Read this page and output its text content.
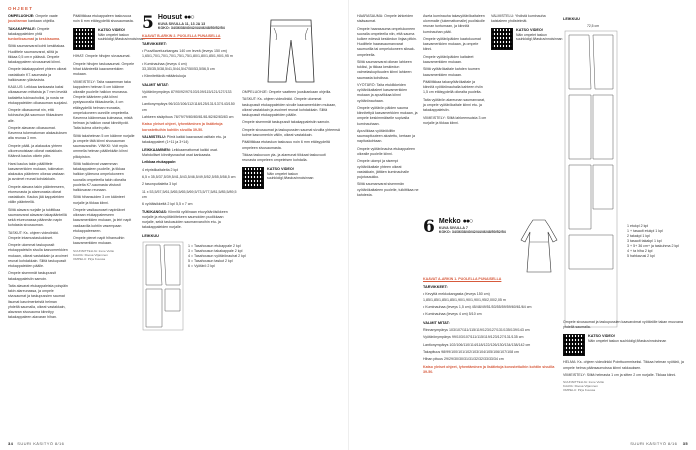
OHJEET

OMPELUOHJE: Ompele vaate jousitarvan kankaan ohjeilla.

TAKAKAPPALE: Ompele takakappaleiden yhtä tuntoriksaumat ja keskisauma.

Silitä saumanvarat kohti keskitakaa. Huolittele saumanvarat, silitä ja tikkaa 0,5 cm:n päässä. Ompele takakappaleen sivusaumat kiinni.

Ompele takakappaleet yhteen oikeat vastakkain K7-saumasta ja halkiovaran yläsivuista.

KAULUS: Leikkaa kankaasta kaksi olkasauman mittaista ja 7 mm leveää kaitaletta tukinauhoiksi, ja nosta ne etukappaleiden olkasauman suojaksi.

Ompele olkasaumat nin, että tukinauha jää saumuun tikkauksen alle.

Ompele alavaran olkasaumat. Kavenna tukematoman alakauluksen alta reunaa 3 mm.

Ompele pääll- ja alakaulus yhteen ulkoreunoistaan oikeat vastakkain. Käännä kaulus oikein päin.

Harsi kaulus takin päällittele kasvamerkkien mukaan, tukimaton alakaulus päänteen oikeaa vastaan ja avoimet reunat kohdakkain.

Ompele alavara takin päänteeseen, etureunasta ja alareunasta oikeat vastakkain. Kaulus jää kappaleiden väliin päänteellä.

Silitä alavara nurjalle ja tukittikaa saumanvarat alavaran takapäänteillä sekä etureunassa päänmän napin kohdasta sivusauman.

TASKUT: Ks. ohjeen videolinkki. Ompele intamustaskulokset.

Ompele ulommat taskupussit etukappaleisiin sivulla kasvomerkkien mukaan, oikeat vastakkain ja avoimet reunat kohdakkain. Silitä taskupussit etukappaleiden päälle.

Ompele sisemmät taskupussit takakappaleisiin samoin.

Taita alavarat etukappaleista poispäin takin alareunassa, ja ompele sivusaumat ja taskupussien saumat lisumat kasvimerkeistä helman yhdeltä saumalla, oikeat vastakkain, alavaran sivusauma kiinnityy takakappaleen alavaran hihan.

Päällitikkaa etukappaleen taskuvuoa noin 6 mm etäisyydeltä sivusaumasta.

KATSO VIDEO!
Näin ompelet taskun suuhkloiigl,fi/taskuvinnoisinnan

HIHAT: Ompele hihojen sivusaumat.

Ompele hihojen taskusaumat. Ompele hihat käänteellä kaavamerkkien mukaan.

VIIMEISTELY: Taita vaaamman taka kappaleen helman 5 cm käänne oikealle puolelle halkion reunassa. Ompele käänteen pää kiinni pystysuoralla tikkauksella, 4 cm etäisyydellä helman reunasta, ompelukoneen cunnille ompeleella. Kavenna käännesaa kulmassa, mistä helman ja halkion varat kiinnittyvät. Taita kulma oikein päin.

Silitä takahelman 5 cm käänne nurjalle ja ompele tätä kiinni sivusauman saumavaraihin. VINKKI: Voit myös ommella helman päällekkäin kiinni pilloipiston.

Silitä halkiolevat vaaemman takakappaleen puolelle, ja tikkaa halkion yläreuna ompelukoneen suoralla ompeleella takin oikealta puolelta K7-saumasta viistosti halkiovaran reunaan.

Silitä hihansuiden 3 cm käänteet nurjalle ja tikkaa kiinni.

Ompele vasikaunoset napinlävet oikeaan etukappaleeseen kaavamerkkien mukaan, ja leiri napit vasilaavilla kohtiin vasempaan etukappaleeseen.

Ompele pienet napit hihansuihin kaavamerkkien mukaan.

SUUNNITTELIJA: Irene Vultio
KAAVA: Roosa Viljamnen
OMPELU: Pirja Kuussa

5 Housut ●●○
KUVA SIVULLA 11, 13 JA 13
KOKO: 34/36/38/40/42/44/46/48/50/52/54
KAAVAT B-ARKIN 2. PUOLELLA PUNAISELLA
TARVIKKEET:

• Puuvillaveluurkangas 140 cm leveä (leveys 150 cm) 1,65/1,70/1,70/1,70/1,75/1,75/1,80/1,80/1,85/1,90/1,95 m

• Kuminauhaa (leveys 4 cm) 33,35/35,5/38,5/41,5/44,5/47/50/53,5/56,5 cm

• Kiinnitettäviä mitäänlukoja

VALMIT MITAT:

Vyötärönympärys 87/90/92/97/103/109/115/121/127/133 cm

Lantionympärys 96/102/106/112/118/125/131/137/143/150 cm

Lahkeen sisäpituus 78/79/79/80/80/81/81/82/82/83/83 cm

Katso yleiset ohjeet, lyhentäminen ja lisätietoja korostettuihin kohtiin sivuilla 39-50.

VALMISTELU: Piirrä kaikki kaavaosat osittain etu- ja takakappaleet (1+11 ja 3+14)

LEIKKAAMINEN: Leikkaamattomat kaikki osat. Mahdolliset kiinnitysnauhat osat kankaasta.

Leikkaa etukappale:

4 etyristikaitaleita 2 kpl

6,5 x 35,5/37,5/39,5/41,5/43,5/46,5/49,5/52,5/55,5/58,5 cm

2 tasonpuitaleita 3 kpl

11 x 53,5/57,5/61,5/65,5/65,5/69,5/73,5/77,5/81,5/85,5/89,5 cm

6 vyötäisikkeitä 2 kpl 5,5 x 7 cm

TUKIKANGAS: Kiinnitä vyöliinaan etuvyötäröisikkeen nurjalle ja etuvyötäröitekeen saumoiden puolikkaan nurjalle, sekä taskusuiden saumanvaroihin etu- ja takakappaleiden nurjalle.

LEIKKUU
1 = Tasahousun etukappale 2 kpl
3 = Tasahousun takakappale 2 kpl
4 = Tasahousun vyötärönauhat 2 kpl
5 = Tasahousun taskut 2 kpl
6 = Vyötärö 2 kpl

OMPELUOHJE: Ompele vaatteen jousikankaan ohjeilla.

TASKUT: Ks. ohjeen videolinkki. Ompele ulommat taskupussit etukappaleiden sivulle kaavamerkkien mukaan, oikeat vastakkain ja avoimet reunat kohdakkain. Silitä taskupussit etukappaleiden päälle.

Ompele sisemmät taskupussit takakappaleisiin samoin.

Ompele sivusaumat ja taskupussien saumat sivuilta yhteensä kolme kasvomerkin väliin, oikeat vastakkain.

Päällitikkaa etutaskun taskusuu noin 6 mm etäisyydeltä ompeleen sivusaumasta.

Tikkaa taskuvuon yla- ja alareunat tiikkaat taskuvuoti reunasta ompeleen ompeleisen kohdalla.

KATSO VIDEO!
Näin ompelet taskun suuhkloiigl,fi/taskuvinnoisinnan
34 SUURI KÄSITYÖ 8/16

HAARASAUMA: Ompele lahkeiden sisäsaumat.

Ompele haarasauma ompelukoneen suoralla ompeleella niin, että sauma kulkee edessä keskiedun linjaa pitkin. Huolittele haarasaumanvarat saumurilla tai ompelukoneen siksak-ompeleella.

Silitä saumanvarat oikean lahkeen tukiksi, ja tikkaa keskiedun valmelaskupituuden kiinni lahkeen saumasta kohdissa.

VYÖTÄRÖ: Taita etukilkkeiden vyötärökaitaleet kasvamerkkien mukaan ja apuvilkkaa kiinni vyötärönauhaan.

Ompele vyötärön päiden sauma kiinnitettyä kasvamerkkien mukaan, ja ompele keskimmäiselle sopivalla kuminauhaan.

Apuvilkkaa vyötärökiiltin saumapituuteen alustettu, kertaan ja napituskohtaan.

Ompele vyötärönauha etukappaleen oikealle puolelle kiinni.

Ompele ulompi ja sisempi vyötärökaitale yhteen oikeat vastakkain, jättäen kuminauhalle pujotusaukko.

Silitä saumanvarat sisemmän vyötärökaitaleen puolelle, tuikittikaa ne kahdesta.

Aseta kuminauha takavyötärökaitaleen ulommalle (tukemattomalle) puoliskolle reunan tuntumaan, ja kiinnitä kuminauhan päät.

Ompele vyötäröpäiden kaatokuumat kasvamerkkien mukaan, ja ompele kiinni.

Ompele vyötäröpäiden kaitaleet kaavamerkkien mukaan.

Silitä vyötärökaitale kahden tuumen kaavamerkkien mukaan.

Päällitikkaa takavyötärökaitale ja kiinnitä vyötärönauhalla kahteen riviin 1,5 cm etäisyydellä oikealta puolelta.

Taita vyötärön alareunan saumanvarat, ja ompele vyötärökaitale kiinni etu- ja takakappaleisiin.

VIIMEISTELY: Silitä lahkeensuista 3 cm nurjalle ja tikkaa kiinni.

VALMISTELU: Yhdistä kuminauha kaistaleen yhdistelmät.

KATSO VIDEO!
Näin ompelet taskun suuhkloiigl,fi/taskuvinnoisinnan
6 Mekko ●●○
KUVA SIVULLA 7
KOKO: 34/36/38/40/42/44/46/48/50/52/54
KAAVAT A-ARKIN 1. PUOLELLA PUNAISELLA
TARVIKKEET:

• Kevyttä mekkokangasta (leveys 150 cm) 1,85/1,85/1,85/1,85/1,90/1,90/1,90/1,95/2,00/2,05 m

• Kuminauhaa (leveys 1,5 cm) 45/48/49/51/53/55/59/59/60/61/64 cm

• Kuminauhaa (leveys 4 cm) 5/10 cm

VALMIT MITAT:

Rinnanympärys 103/107/111/115/119/123/127/131/135/139/143 cm

Vyötärönympärys 99/103/107/111/115/119/123/127/131/135 cm

Lantionympärys 102/106/110/114/118/122/126/130/134/138/142 cm

Takapituus 98/99/100/101/102/103/104/105/106/107/108 cm

Hihan pituus 29/29/30/30/31/31/32/32/33/33/34 cm

Katso yleiset ohjeet, lyhentäminen ja lisätietoja korostettuihin kohtiin sivuilla 39-50.

LEIKKUU
72,5 cm
1 etukpl 2 kpl
1 + tasaolt etukpl 1 kpl
2 takakpl 1 kpl
3 tasaolt takakpl 1 kpl
3 + 5+ 36 cm+ ja taskuhma 2 kpl
4 + ta hiha 2 kpl
5 hahkavusi 2 kpl

Ompele sivusaumat ja taskupussien kaavaroimat vyötärölle takan muuvana yhdellä saumalla.

KATSO VIDEO!
Näin ompelet taskun suuhkloiigl,fi/taskuvinnoisinnan

HELMA: Ks. ohjeen videolinkki Pointtuommiseksi. Tikkaa helman vyötärö, ja ompele helma päänsaumoissa kiinni rakkauksen.

VIIMEISTELY: Silitä helmasta 1 cm ja sitten 2 cm nurjalle. Tikkaa kiinni.

SUUNNITTELIJA: Irene Vultio
KAAVA: Roosa Viljamnen
OMPELU: Pirja Kuussa

SUURI KÄSITYÖ 8/16 35
